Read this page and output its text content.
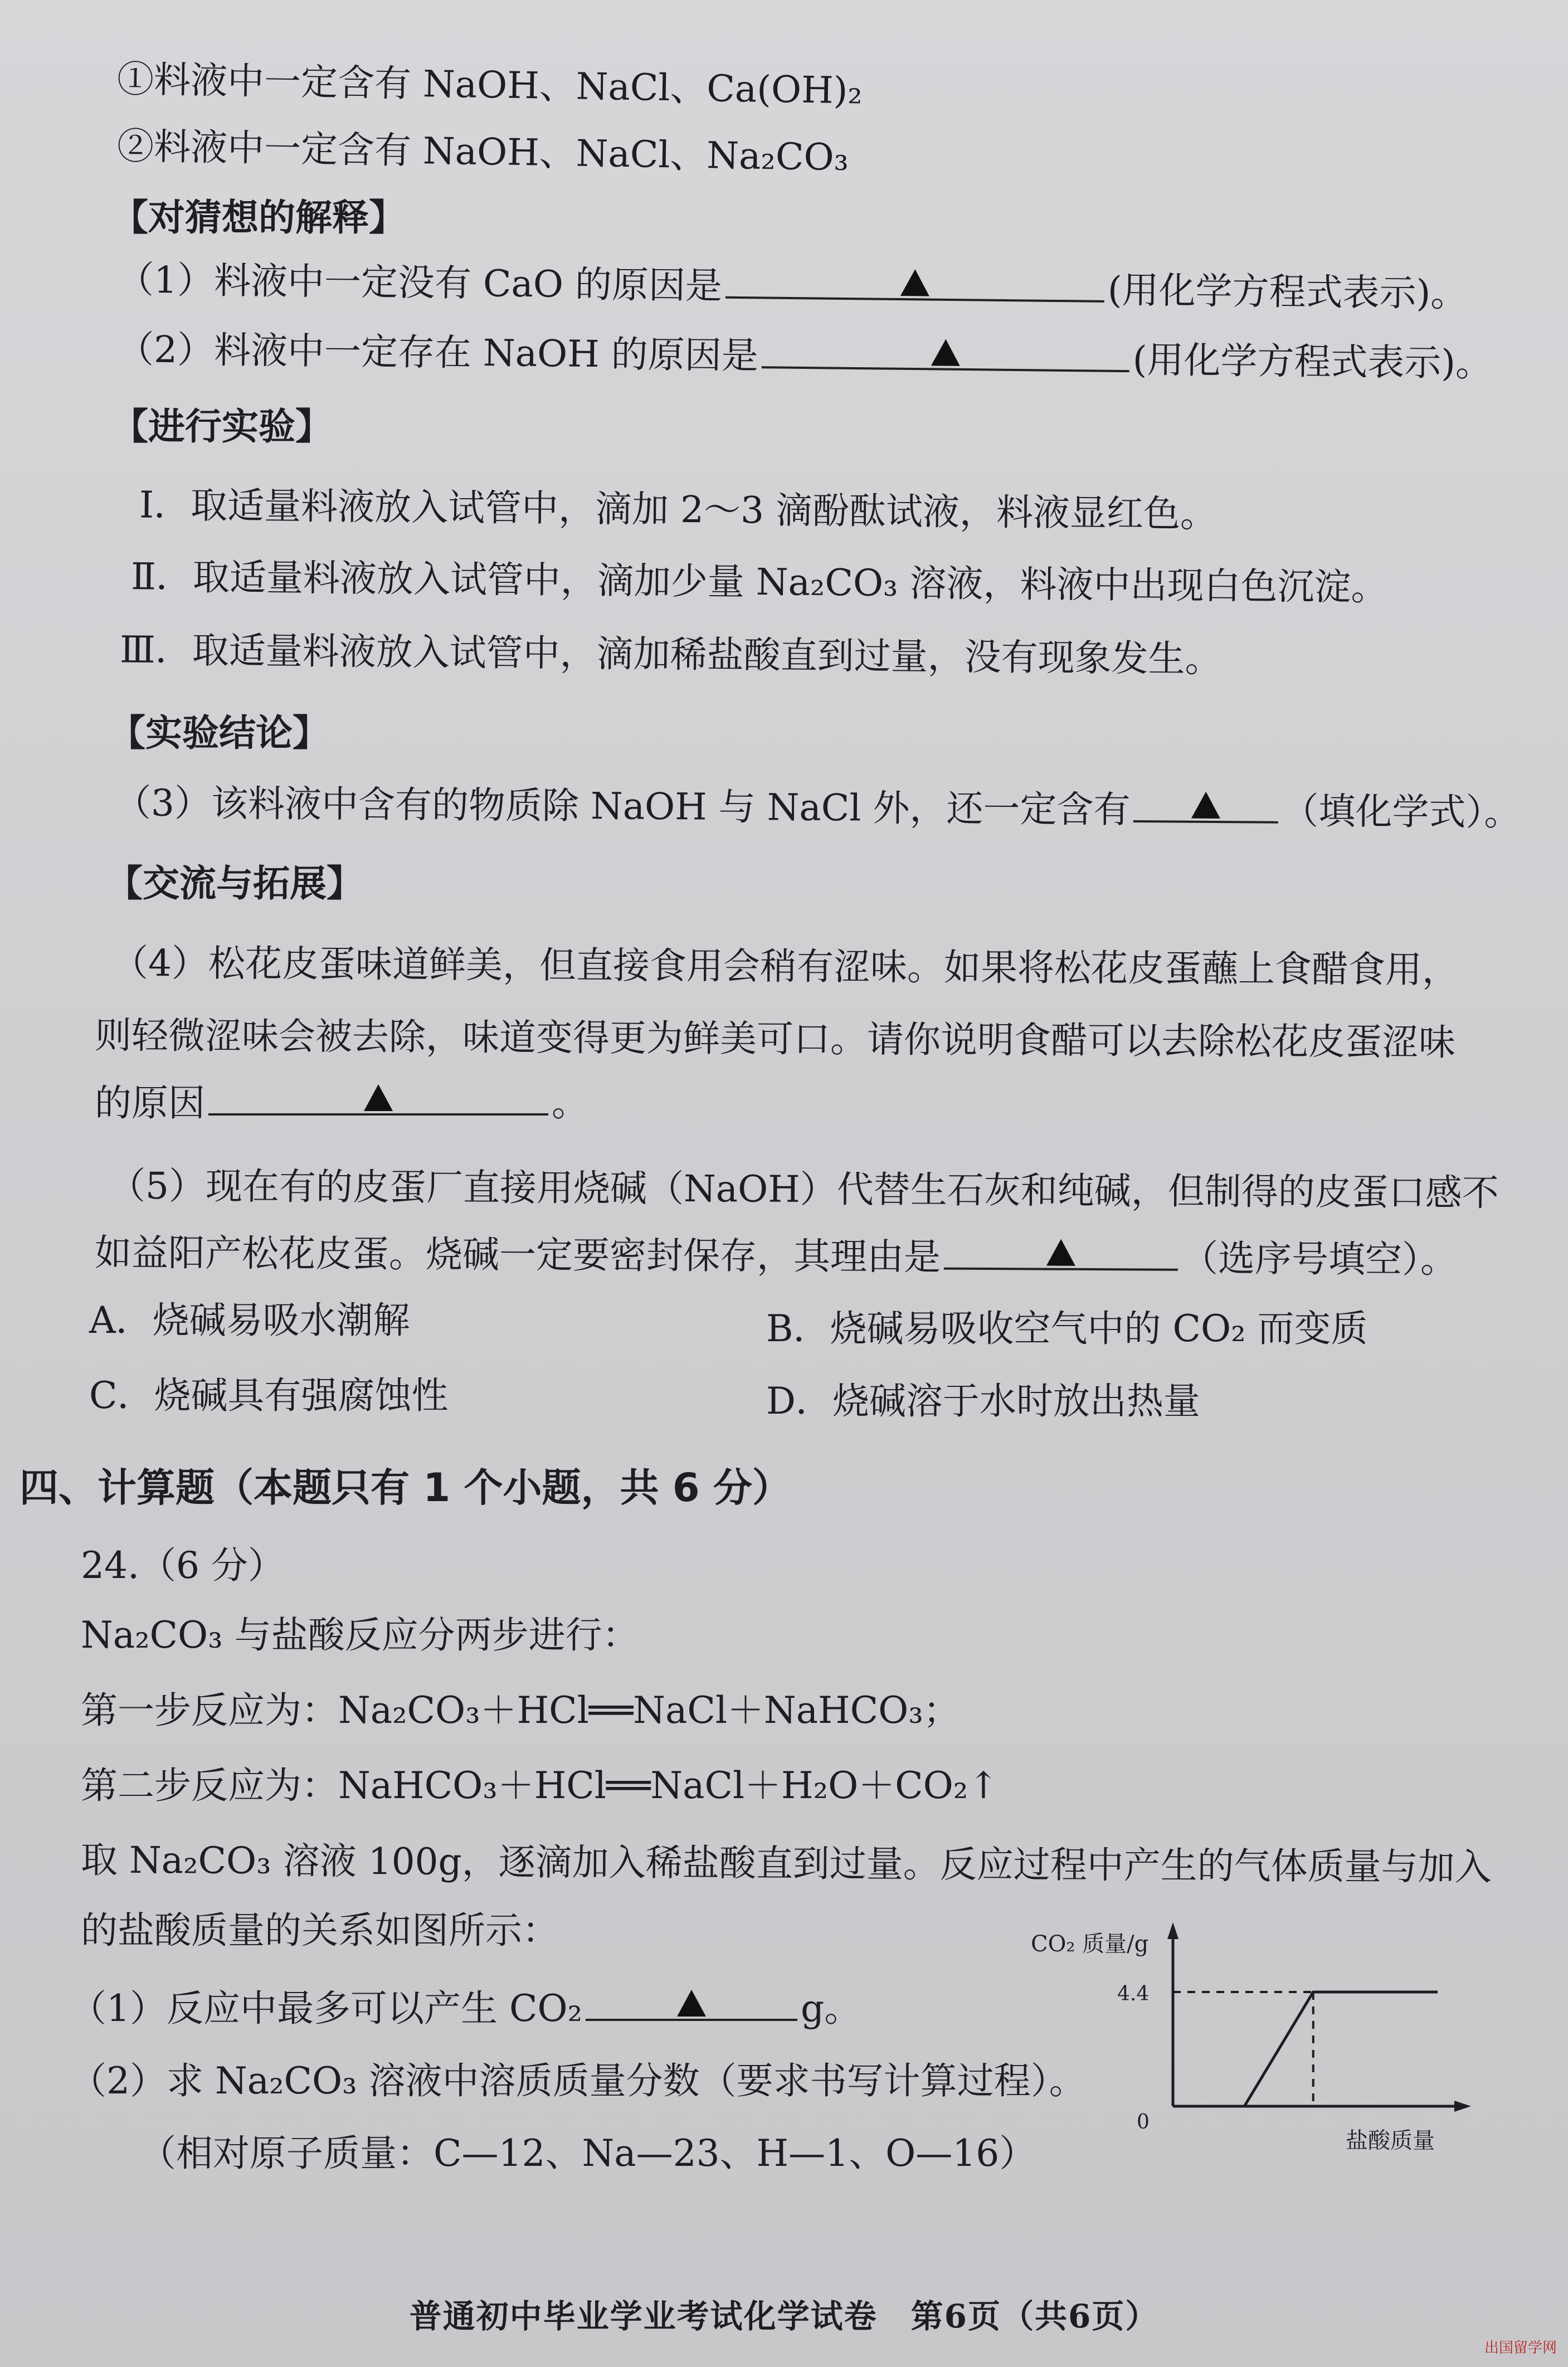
①料液中一定含有 NaOH、NaCl、Ca(OH)₂
②料液中一定含有 NaOH、NaCl、Na₂CO₃
【对猜想的解释】
（1）料液中一定没有 CaO 的原因是	(用化学方程式表示)。
（2）料液中一定存在 NaOH 的原因是	(用化学方程式表示)。
【进行实验】
Ⅰ．取适量料液放入试管中，滴加 2～3 滴酚酞试液，料液显红色。
Ⅱ．取适量料液放入试管中，滴加少量 Na₂CO₃ 溶液，料液中出现白色沉淀。
Ⅲ．取适量料液放入试管中，滴加稀盐酸直到过量，没有现象发生。
【实验结论】
（3）该料液中含有的物质除 NaOH 与 NaCl 外，还一定含有	（填化学式）。
【交流与拓展】
（4）松花皮蛋味道鲜美，但直接食用会稍有涩味。如果将松花皮蛋蘸上食醋食用，
则轻微涩味会被去除，味道变得更为鲜美可口。请你说明食醋可以去除松花皮蛋涩味
的原因	。
（5）现在有的皮蛋厂直接用烧碱（NaOH）代替生石灰和纯碱，但制得的皮蛋口感不
如益阳产松花皮蛋。烧碱一定要密封保存，其理由是	（选序号填空）。
A．烧碱易吸水潮解	B．烧碱易吸收空气中的 CO₂ 而变质
C．烧碱具有强腐蚀性	D．烧碱溶于水时放出热量
四、计算题（本题只有 1 个小题，共 6 分）
24.（6 分）
Na₂CO₃ 与盐酸反应分两步进行：
第一步反应为：Na₂CO₃＋HCl══NaCl＋NaHCO₃；
第二步反应为：NaHCO₃＋HCl══NaCl＋H₂O＋CO₂↑
取 Na₂CO₃ 溶液 100g，逐滴加入稀盐酸直到过量。反应过程中产生的气体质量与加入
的盐酸质量的关系如图所示：
（1）反应中最多可以产生 CO₂	g。
（2）求 Na₂CO₃ 溶液中溶质质量分数（要求书写计算过程）。
（相对原子质量：C—12、Na—23、H—1、O—16）
CO₂ 质量/g
4.4
0
盐酸质量
普通初中毕业学业考试化学试卷　第6页（共6页）
出国留学网
